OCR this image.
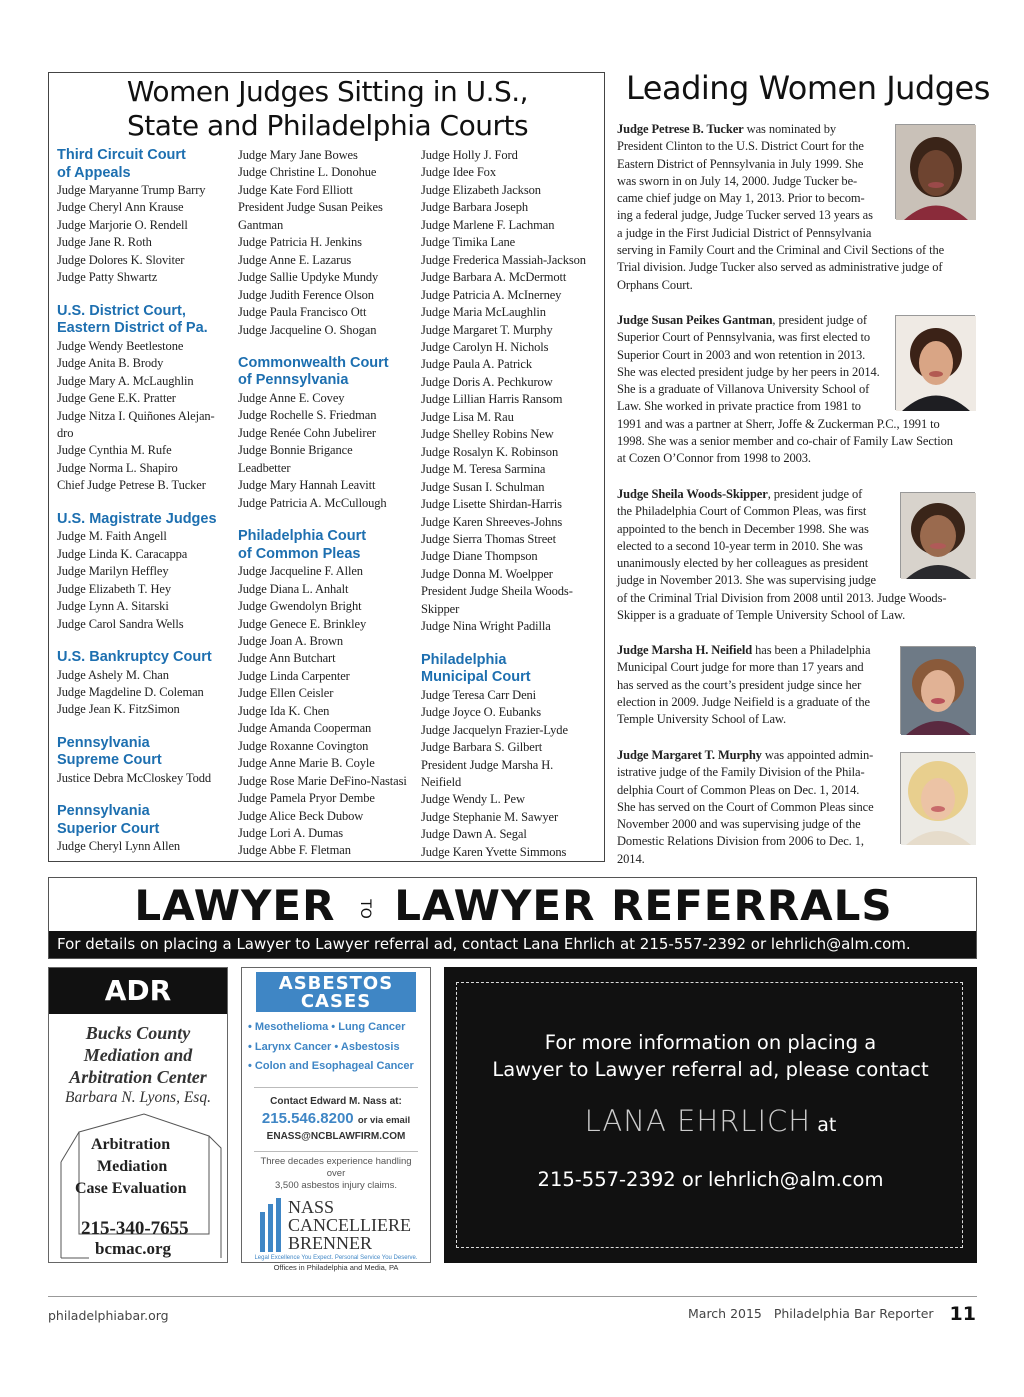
Women Judges Sitting in U.S.,
State and Philadelphia Courts
Third Circuit Court
of Appeals
Judge Maryanne Trump Barry
Judge Cheryl Ann Krause
Judge Marjorie O. Rendell
Judge Jane R. Roth
Judge Dolores K. Sloviter
Judge Patty Shwartz
U.S. District Court,
Eastern District of Pa.
Judge Wendy Beetlestone
Judge Anita B. Brody
Judge Mary A. McLaughlin
Judge Gene E.K. Pratter
Judge Nitza I. Quiñones Alejan-
dro
Judge Cynthia M. Rufe
Judge Norma L. Shapiro
Chief Judge Petrese B. Tucker
U.S. Magistrate Judges
Judge M. Faith Angell
Judge Linda K. Caracappa
Judge Marilyn Heffley
Judge Elizabeth T. Hey
Judge Lynn A. Sitarski
Judge Carol Sandra Wells
U.S. Bankruptcy Court
Judge Ashely M. Chan
Judge Magdeline D. Coleman
Judge Jean K. FitzSimon
Pennsylvania
Supreme Court
Justice Debra McCloskey Todd
Pennsylvania
Superior Court
Judge Cheryl Lynn Allen
Judge Mary Jane Bowes
Judge Christine L. Donohue
Judge Kate Ford Elliott
President Judge Susan Peikes
Gantman
Judge Patricia H. Jenkins
Judge Anne E. Lazarus
Judge Sallie Updyke Mundy
Judge Judith Ference Olson
Judge Paula Francisco Ott
Judge Jacqueline O. Shogan
Commonwealth Court
of Pennsylvania
Judge Anne E. Covey
Judge Rochelle S. Friedman
Judge Renée Cohn Jubelirer
Judge Bonnie Brigance
Leadbetter
Judge Mary Hannah Leavitt
Judge Patricia A. McCullough
Philadelphia Court
of Common Pleas
Judge Jacqueline F. Allen
Judge Diana L. Anhalt
Judge Gwendolyn Bright
Judge Genece E. Brinkley
Judge Joan A. Brown
Judge Ann Butchart
Judge Linda Carpenter
Judge Ellen Ceisler
Judge Ida K. Chen
Judge Amanda Cooperman
Judge Roxanne Covington
Judge Anne Marie B. Coyle
Judge Rose Marie DeFino-Nastasi
Judge Pamela Pryor Dembe
Judge Alice Beck Dubow
Judge Lori A. Dumas
Judge Abbe F. Fletman
Judge Holly J. Ford
Judge Idee Fox
Judge Elizabeth Jackson
Judge Barbara Joseph
Judge Marlene F. Lachman
Judge Timika Lane
Judge Frederica Massiah-Jackson
Judge Barbara A. McDermott
Judge Patricia A. McInerney
Judge Maria McLaughlin
Judge Margaret T. Murphy
Judge Carolyn H. Nichols
Judge Paula A. Patrick
Judge Doris A. Pechkurow
Judge Lillian Harris Ransom
Judge Lisa M. Rau
Judge Shelley Robins New
Judge Rosalyn K. Robinson
Judge M. Teresa Sarmina
Judge Susan I. Schulman
Judge Lisette Shirdan-Harris
Judge Karen Shreeves-Johns
Judge Sierra Thomas Street
Judge Diane Thompson
Judge Donna M. Woelpper
President Judge Sheila Woods-
Skipper
Judge Nina Wright Padilla
Philadelphia
Municipal Court
Judge Teresa Carr Deni
Judge Joyce O. Eubanks
Judge Jacquelyn Frazier-Lyde
Judge Barbara S. Gilbert
President Judge Marsha H.
Neifield
Judge Wendy L. Pew
Judge Stephanie M. Sawyer
Judge Dawn A. Segal
Judge Karen Yvette Simmons
Leading Women Judges
Judge Petrese B. Tucker was nominated by
President Clinton to the U.S. District Court for the
Eastern District of Pennsylvania in July 1999. She
was sworn in on July 14, 2000. Judge Tucker be-
came chief judge on May 1, 2013. Prior to becom-
ing a federal judge, Judge Tucker served 13 years as
a judge in the First Judicial District of Pennsylvania
serving in Family Court and the Criminal and Civil Sections of the
Trial division. Judge Tucker also served as administrative judge of
Orphans Court.
Judge Susan Peikes Gantman, president judge of
Superior Court of Pennsylvania, was first elected to
Superior Court in 2003 and won retention in 2013.
She was elected president judge by her peers in 2014.
She is a graduate of Villanova University School of
Law. She worked in private practice from 1981 to
1991 and was a partner at Sherr, Joffe & Zuckerman P.C., 1991 to
1998. She was a senior member and co-chair of Family Law Section
at Cozen O’Connor from 1998 to 2003.
Judge Sheila Woods-Skipper, president judge of
the Philadelphia Court of Common Pleas, was first
appointed to the bench in December 1998. She was
elected to a second 10-year term in 2010. She was
unanimously elected by her colleagues as president
judge in November 2013. She was supervising judge
of the Criminal Trial Division from 2008 until 2013. Judge Woods-
Skipper is a graduate of Temple University School of Law.
Judge Marsha H. Neifield has been a Philadelphia
Municipal Court judge for more than 17 years and
has served as the court’s president judge since her
election in 2009. Judge Neifield is a graduate of the
Temple University School of Law.
Judge Margaret T. Murphy was appointed admin-
istrative judge of the Family Division of the Phila-
delphia Court of Common Pleas on Dec. 1, 2014.
She has served on the Court of Common Pleas since
November 2000 and was supervising judge of the
Domestic Relations Division from 2006 to Dec. 1,
2014.
LAWYER TO LAWYER REFERRALS
For details on placing a Lawyer to Lawyer referral ad, contact Lana Ehrlich at 215-557-2392 or lehrlich@alm.com.
ADR
Bucks County
Mediation and
Arbitration Center
Barbara N. Lyons, Esq.
Arbitration
Mediation
Case Evaluation
215-340-7655
bcmac.org
ASBESTOS
CASES
• Mesothelioma • Lung Cancer
• Larynx Cancer • Asbestosis
• Colon and Esophageal Cancer
Contact Edward M. Nass at:
215.546.8200 or via email
ENASS@NCBLAWFIRM.COM
Three decades experience handling over
3,500 asbestos injury claims.
NASS
CANCELLIERE
BRENNER
Legal Excellence You Expect. Personal Service You Deserve.
Offices in Philadelphia and Media, PA
For more information on placing a
Lawyer to Lawyer referral ad, please contact
LANA EHRLICH at
215-557-2392 or lehrlich@alm.com
philadelphiabar.org	March 2015 Philadelphia Bar Reporter 11
